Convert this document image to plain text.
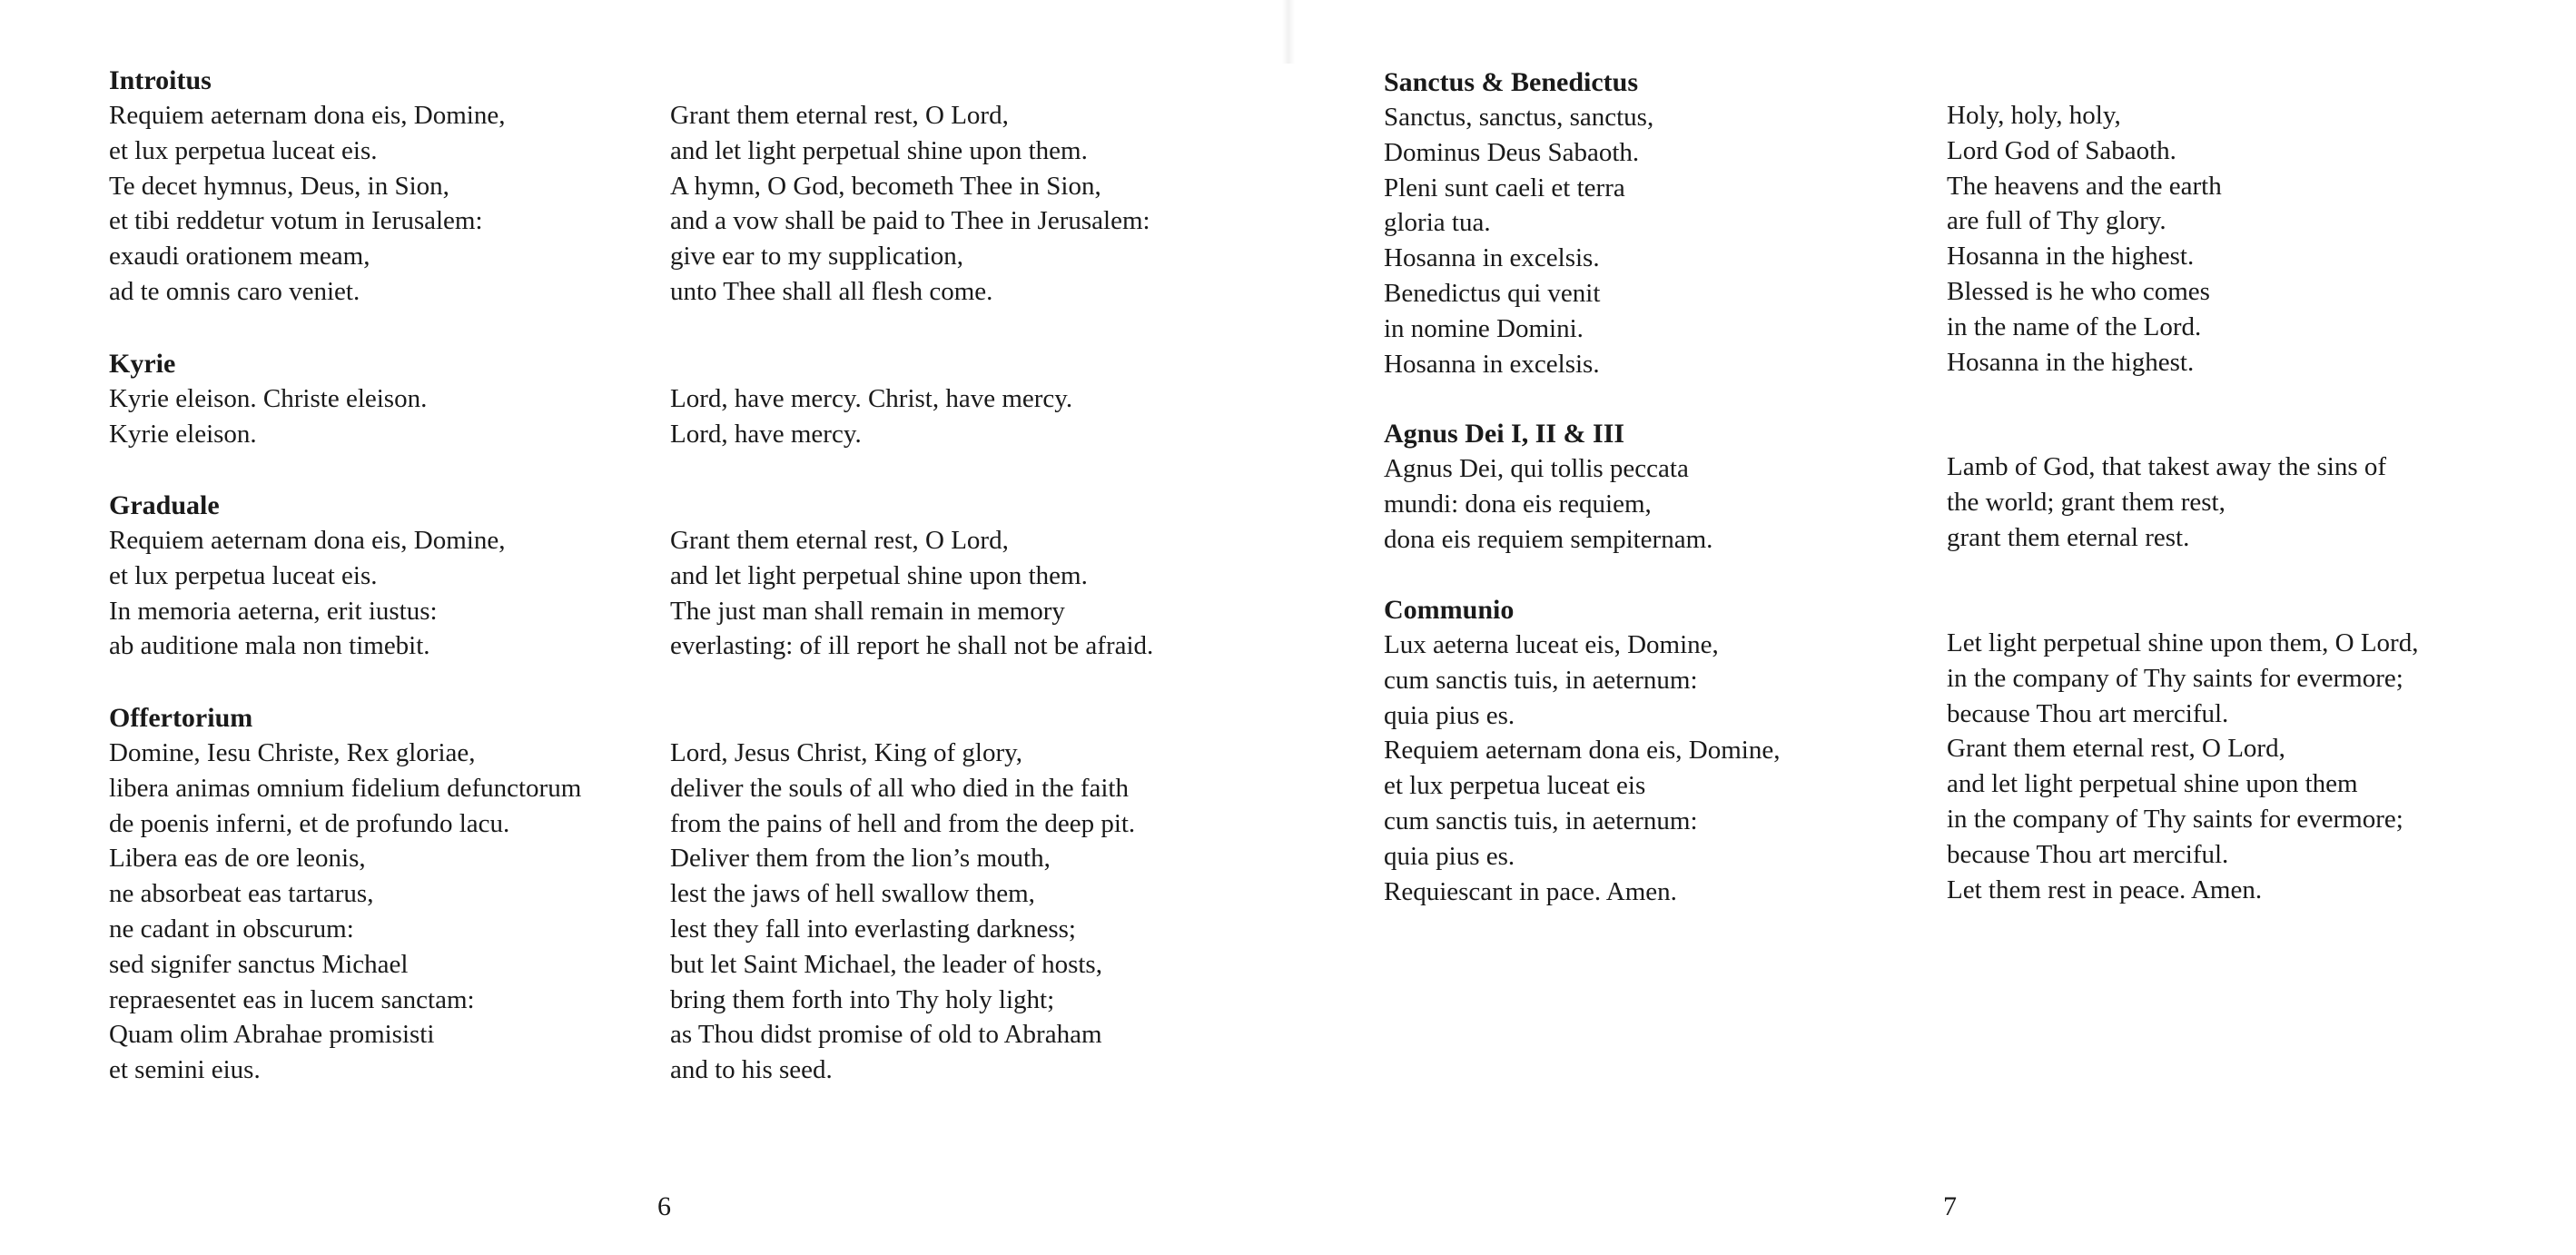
Introitus
Requiem aeternam dona eis, Domine,
et lux perpetua luceat eis.
Te decet hymnus, Deus, in Sion,
et tibi reddetur votum in Ierusalem:
exaudi orationem meam,
ad te omnis caro veniet.
Kyrie
Kyrie eleison. Christe eleison.
Kyrie eleison.
Graduale
Requiem aeternam dona eis, Domine,
et lux perpetua luceat eis.
In memoria aeterna, erit iustus:
ab auditione mala non timebit.
Offertorium
Domine, Iesu Christe, Rex gloriae,
libera animas omnium fidelium defunctorum
de poenis inferni, et de profundo lacu.
Libera eas de ore leonis,
ne absorbeat eas tartarus,
ne cadant in obscurum:
sed signifer sanctus Michael
repraesentet eas in lucem sanctam:
Quam olim Abrahae promisisti
et semini eius.
Grant them eternal rest, O Lord,
and let light perpetual shine upon them.
A hymn, O God, becometh Thee in Sion,
and a vow shall be paid to Thee in Jerusalem:
give ear to my supplication,
unto Thee shall all flesh come.
Lord, have mercy. Christ, have mercy.
Lord, have mercy.
Grant them eternal rest, O Lord,
and let light perpetual shine upon them.
The just man shall remain in memory
everlasting: of ill report he shall not be afraid.
Lord, Jesus Christ, King of glory,
deliver the souls of all who died in the faith
from the pains of hell and from the deep pit.
Deliver them from the lion’s mouth,
lest the jaws of hell swallow them,
lest they fall into everlasting darkness;
but let Saint Michael, the leader of hosts,
bring them forth into Thy holy light;
as Thou didst promise of old to Abraham
and to his seed.
6
Sanctus & Benedictus
Sanctus, sanctus, sanctus,
Dominus Deus Sabaoth.
Pleni sunt caeli et terra
gloria tua.
Hosanna in excelsis.
Benedictus qui venit
in nomine Domini.
Hosanna in excelsis.
Agnus Dei I, II & III
Agnus Dei, qui tollis peccata
mundi: dona eis requiem,
dona eis requiem sempiternam.
Communio
Lux aeterna luceat eis, Domine,
cum sanctis tuis, in aeternum:
quia pius es.
Requiem aeternam dona eis, Domine,
et lux perpetua luceat eis
cum sanctis tuis, in aeternum:
quia pius es.
Requiescant in pace. Amen.
Holy, holy, holy,
Lord God of Sabaoth.
The heavens and the earth
are full of Thy glory.
Hosanna in the highest.
Blessed is he who comes
in the name of the Lord.
Hosanna in the highest.
Lamb of God, that takest away the sins of
the world; grant them rest,
grant them eternal rest.
Let light perpetual shine upon them, O Lord,
in the company of Thy saints for evermore;
because Thou art merciful.
Grant them eternal rest, O Lord,
and let light perpetual shine upon them
in the company of Thy saints for evermore;
because Thou art merciful.
Let them rest in peace. Amen.
7
